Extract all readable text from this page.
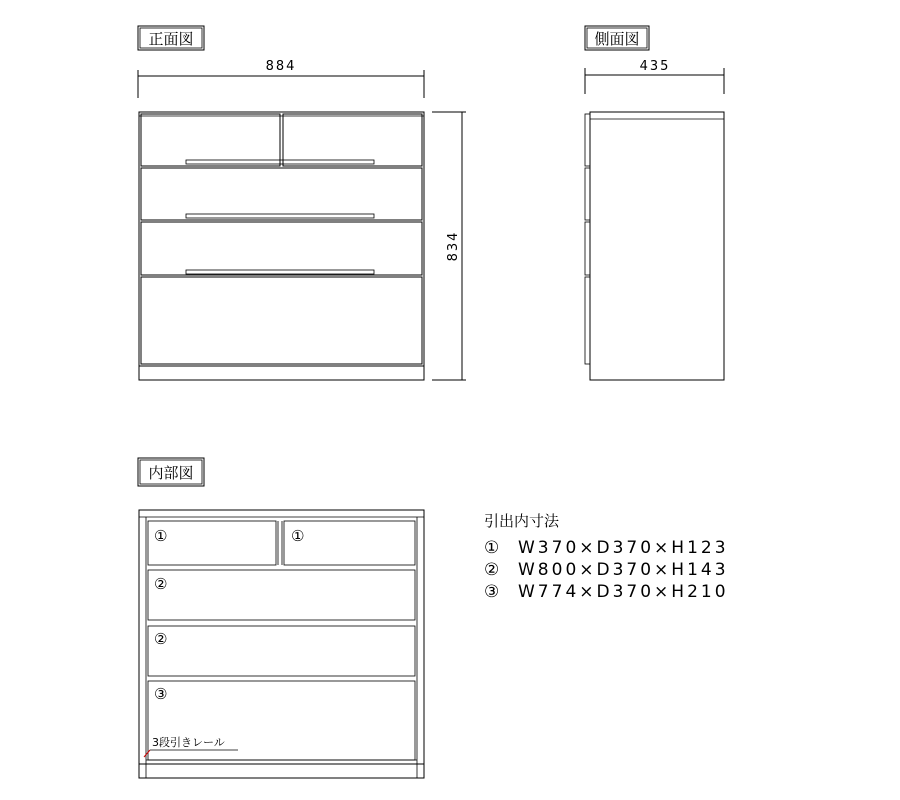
正面図
884
834
側面図
435
内部図
①	①
②
②
③
3段引きレール
引出内寸法
① W370×D370×H123
② W800×D370×H143
③ W774×D370×H210
